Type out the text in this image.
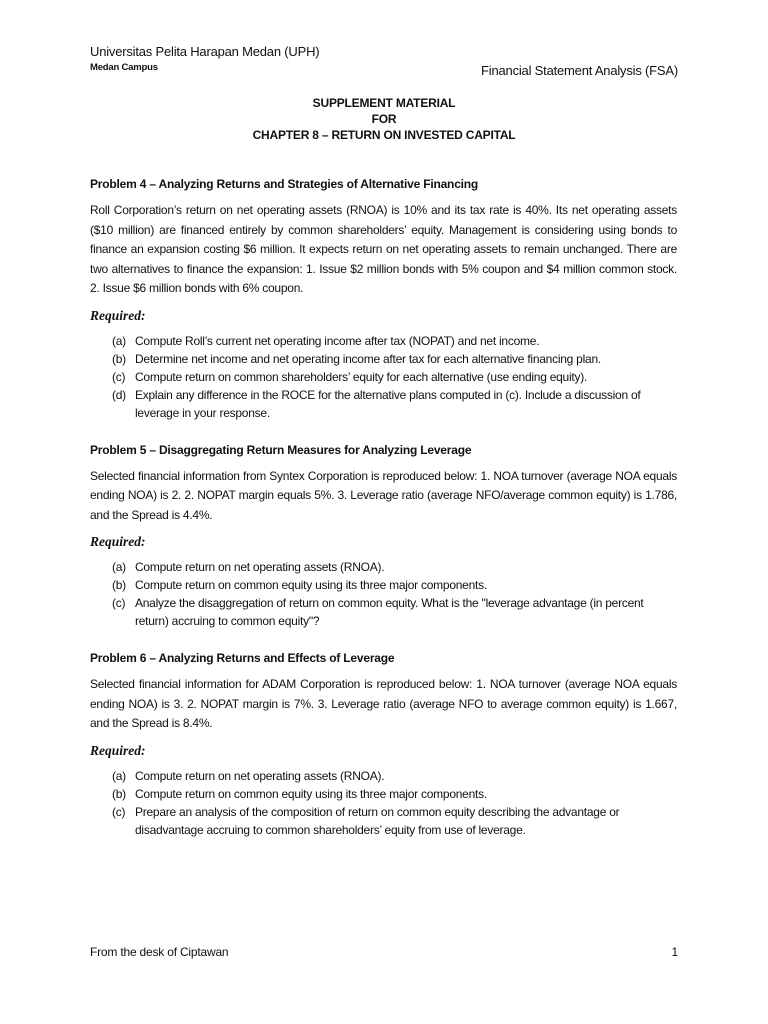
Universitas Pelita Harapan Medan (UPH)
Medan Campus	Financial Statement Analysis (FSA)
SUPPLEMENT MATERIAL
FOR
CHAPTER 8 – RETURN ON INVESTED CAPITAL

Problem 4 – Analyzing Returns and Strategies of Alternative Financing

Roll Corporation’s return on net operating assets (RNOA) is 10% and its tax rate is 40%. Its net operating assets ($10 million) are financed entirely by common shareholders’ equity. Management is considering using bonds to finance an expansion costing $6 million. It expects return on net operating assets to remain unchanged. There are two alternatives to finance the expansion: 1. Issue $2 million bonds with 5% coupon and $4 million common stock. 2. Issue $6 million bonds with 6% coupon.

Required:

(a) Compute Roll’s current net operating income after tax (NOPAT) and net income.
(b) Determine net income and net operating income after tax for each alternative financing plan.
(c) Compute return on common shareholders’ equity for each alternative (use ending equity).
(d) Explain any difference in the ROCE for the alternative plans computed in (c). Include a discussion of leverage in your response.

Problem 5 – Disaggregating Return Measures for Analyzing Leverage

Selected financial information from Syntex Corporation is reproduced below: 1. NOA turnover (average NOA equals ending NOA) is 2. 2. NOPAT margin equals 5%. 3. Leverage ratio (average NFO/average common equity) is 1.786, and the Spread is 4.4%.

Required:

(a) Compute return on net operating assets (RNOA).
(b) Compute return on common equity using its three major components.
(c) Analyze the disaggregation of return on common equity. What is the "leverage advantage (in percent return) accruing to common equity"?

Problem 6 – Analyzing Returns and Effects of Leverage

Selected financial information for ADAM Corporation is reproduced below: 1. NOA turnover (average NOA equals ending NOA) is 3. 2. NOPAT margin is 7%. 3. Leverage ratio (average NFO to average common equity) is 1.667, and the Spread is 8.4%.

Required:

(a) Compute return on net operating assets (RNOA).
(b) Compute return on common equity using its three major components.
(c) Prepare an analysis of the composition of return on common equity describing the advantage or disadvantage accruing to common shareholders’ equity from use of leverage.
From the desk of Ciptawan	1
